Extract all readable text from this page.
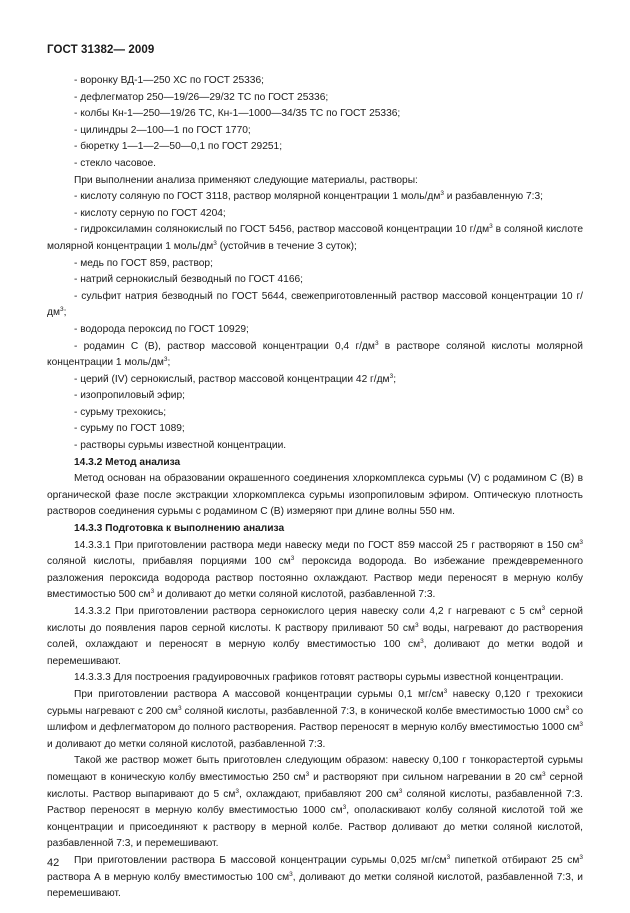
ГОСТ 31382— 2009

- воронку ВД-1—250 ХС по ГОСТ 25336;

- дефлегматор 250—19/26—29/32 ТС по ГОСТ 25336;

- колбы Кн-1—250—19/26 ТС, Кн-1—1000—34/35 ТС по ГОСТ 25336;

- цилиндры 2—100—1 по ГОСТ 1770;

- бюретку 1—1—2—50—0,1 по ГОСТ 29251;

- стекло часовое.

При выполнении анализа применяют следующие материалы, растворы:

- кислоту соляную по ГОСТ 3118, раствор молярной концентрации 1 моль/$дм^3$ и разбавленную 7:3;

- кислоту серную по ГОСТ 4204;

- гидроксиламин солянокислый по ГОСТ 5456, раствор массовой концентрации 10 $г/дм^3$ в соляной кислоте молярной концентрации 1 моль/$дм^3$ (устойчив в течение 3 суток);

- медь по ГОСТ 859, раствор;

- натрий сернокислый безводный по ГОСТ 4166;

- сульфит натрия безводный по ГОСТ 5644, свежеприготовленный раствор массовой концентрации 10 $г/дм^3$;

- водорода пероксид по ГОСТ 10929;

- родамин С (В), раствор массовой концентрации 0,4 $г/дм^3$ в растворе соляной кислоты молярной концентрации 1 моль/$дм^3$;

- церий (IV) сернокислый, раствор массовой концентрации 42 $г/дм^3$;

- изопропиловый эфир;

- сурьму трехокись;

- сурьму по ГОСТ 1089;

- растворы сурьмы известной концентрации.

14.3.2 Метод анализа

Метод основан на образовании окрашенного соединения хлоркомплекса сурьмы (V) с родамином С (В) в органической фазе после экстракции хлоркомплекса сурьмы изопропиловым эфиром. Оптическую плотность растворов соединения сурьмы с родамином С (В) измеряют при длине волны 550 нм.

14.3.3 Подготовка к выполнению анализа

14.3.3.1 При приготовлении раствора меди навеску меди по ГОСТ 859 массой 25 г растворяют в 150 $см^3$ соляной кислоты, прибавляя порциями 100 $см^3$ пероксида водорода. Во избежание преждевременного разложения пероксида водорода раствор постоянно охлаждают. Раствор меди переносят в мерную колбу вместимостью 500 $см^3$ и доливают до метки соляной кислотой, разбавленной 7:3.

14.3.3.2 При приготовлении раствора сернокислого церия навеску соли 4,2 г нагревают с 5 $см^3$ серной кислоты до появления паров серной кислоты. К раствору приливают 50 $см^3$ воды, нагревают до растворения солей, охлаждают и переносят в мерную колбу вместимостью 100 $см^3$, доливают до метки водой и перемешивают.

14.3.3.3 Для построения градуировочных графиков готовят растворы сурьмы известной концентрации.

При приготовлении раствора А массовой концентрации сурьмы 0,1 $мг/см^3$ навеску 0,120 г трехокиси сурьмы нагревают с 200 $см^3$ соляной кислоты, разбавленной 7:3, в конической колбе вместимостью 1000 $см^3$ со шлифом и дефлегматором до полного растворения. Раствор переносят в мерную колбу вместимостью 1000 $см^3$ и доливают до метки соляной кислотой, разбавленной 7:3.

Такой же раствор может быть приготовлен следующим образом: навеску 0,100 г тонкорастертой сурьмы помещают в коническую колбу вместимостью 250 $см^3$ и растворяют при сильном нагревании в 20 $см^3$ серной кислоты. Раствор выпаривают до 5 $см^3$, охлаждают, прибавляют 200 $см^3$ соляной кислоты, разбавленной 7:3. Раствор переносят в мерную колбу вместимостью 1000 $см^3$, ополаскивают колбу соляной кислотой той же концентрации и присоединяют к раствору в мерной колбе. Раствор доливают до метки соляной кислотой, разбавленной 7:3, и перемешивают.

При приготовлении раствора Б массовой концентрации сурьмы 0,025 $мг/см^3$ пипеткой отбирают 25 $см^3$ раствора А в мерную колбу вместимостью 100 $см^3$, доливают до метки соляной кислотой, разбавленной 7:3, и перемешивают.

42
